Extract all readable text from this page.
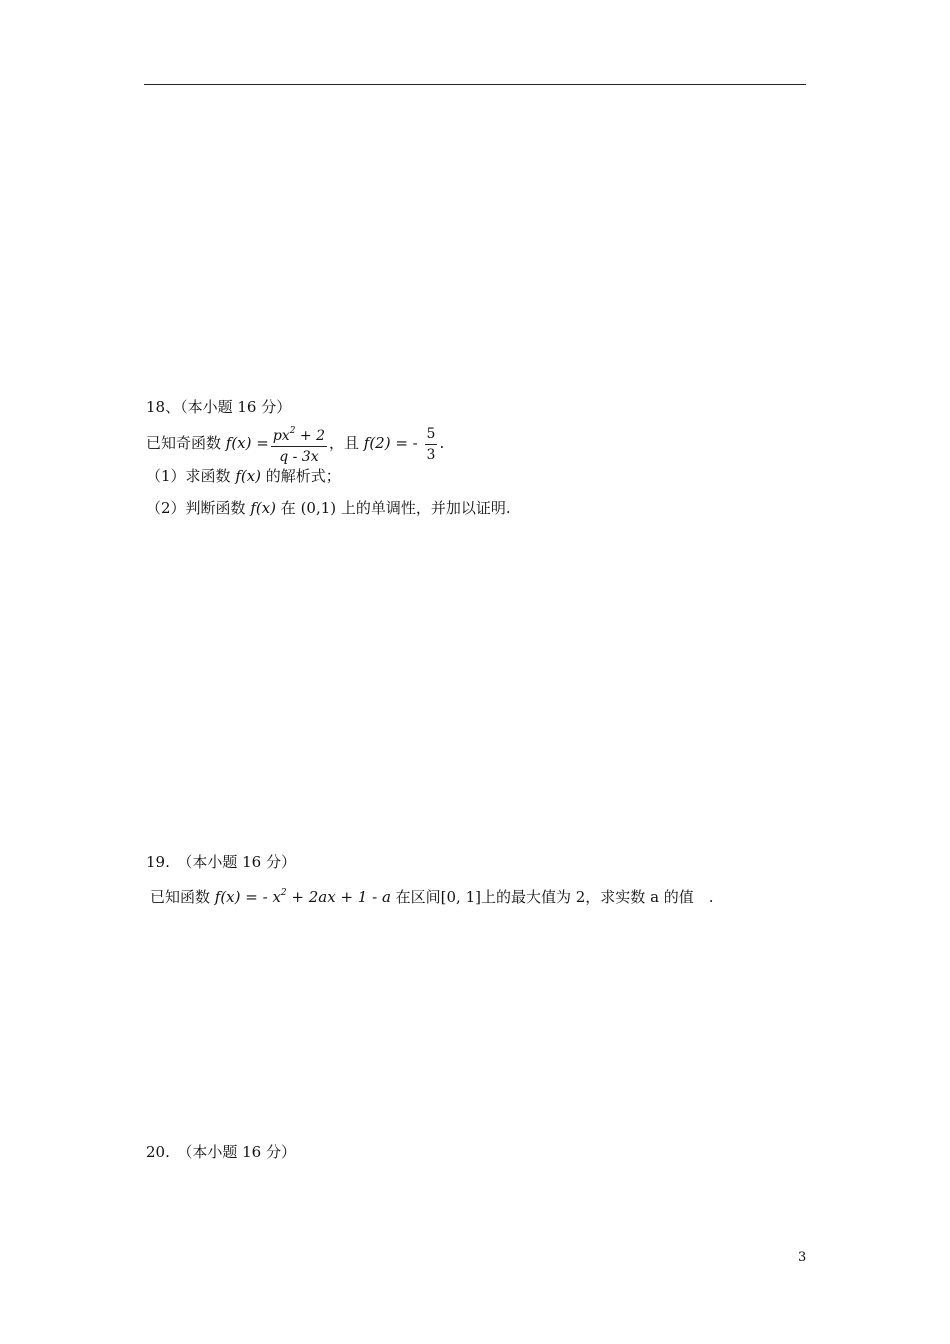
18、（本小题 16 分）
已知奇函数 $f(x) = \frac{px^2 + 2}{q - 3x}$ ，且 f(2) = - $\frac{5}{3}$ .
（1）求函数 f(x) 的解析式；
（2）判断函数 f(x) 在 (0,1) 上的单调性，并加以证明.
19.　（本小题 16 分）
已知函数 f(x) = - $x^2 + 2ax + 1 - a$ 在区间[0, 1]上的最大值为 2，求实数 a 的值　.
20.　（本小题 16 分）
3
